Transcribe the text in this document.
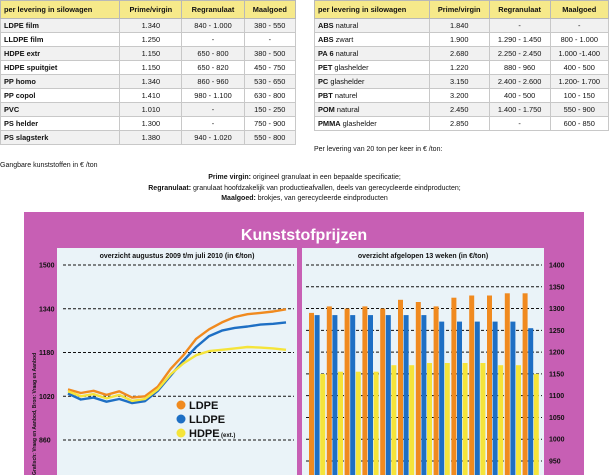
per levering in silowagen	Prime/virgin	Regranulaat	Maalgoed
LDPE film	1.340	840 - 1.000	380 - 550
LLDPE film	1.250	-	-
HDPE extr	1.150	650 - 800	380 - 500
HDPE spuitgiet	1.150	650 - 820	450 - 750
PP homo	1.340	860 - 960	530 - 650
PP copol	1.410	980 - 1.100	630 - 800
PVC	1.010	-	150 - 250
PS helder	1.300	-	750 - 900
PS slagsterk	1.380	940 - 1.020	550 - 800
per levering in silowagen	Prime/virgin	Regranulaat	Maalgoed
ABS natural	1.840	-	-
ABS zwart	1.900	1.290 - 1.450	800 - 1.000
PA 6 natural	2.680	2.250 - 2.450	1.000 -1.400
PET glashelder	1.220	880 - 960	400 - 500
PC glashelder	3.150	2.400 - 2.600	1.200- 1.700
PBT naturel	3.200	400 - 500	100 - 150
POM natural	2.450	1.400 - 1.750	550 - 900
PMMA glashelder	2.850	-	600 - 850
Gangbare kunststoffen in € /ton
Per levering van 20 ton per keer in € /ton:
Prime virgin: origineel granulaat in een bepaalde specificatie;
Regranulaat: granulaat hoofdzakelijk van productieafvallen, deels van gerecycleerde eindproducten;
Maalgoed: brokjes, van gerecycleerde eindproducten
Kunststofprijzen
overzicht augustus 2009 t/m juli 2010 (in €/ton)	overzicht afgelopen 13 weken (in €/ton)
Grafisch: Vraag en Aanbod, Bron: Vraag en Aanbod
1500
1340
1180
1020
860
LDPE
LLDPE
HDPE (ext.)
1400
1350
1300
1250
1200
1150
1100
1050
1000
950
